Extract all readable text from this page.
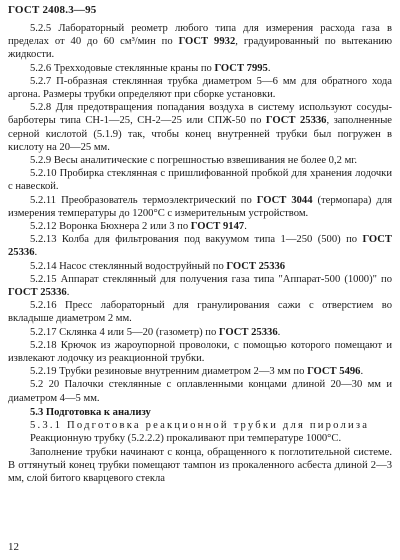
ГОСТ 2408.3—95

5.2.5 Лабораторный реометр любого типа для измерения расхода газа в пределах от 40 до 60 см³/мин по ГОСТ 9932, градуированный по вытеканию жидкости.

5.2.6 Трехходовые стеклянные краны по ГОСТ 7995.

5.2.7 П-образная стеклянная трубка диаметром 5—6 мм для обратного хода аргона. Размеры трубки определяют при сборке установки.

5.2.8 Для предотвращения попадания воздуха в систему используют сосуды-барботеры типа СН-1—25, СН-2—25 или СПЖ-50 по ГОСТ 25336, заполненные серной кислотой (5.1.9) так, чтобы конец внутренней трубки был погружен в кислоту на 20—25 мм.

5.2.9 Весы аналитические с погрешностью взвешивания не более 0,2 мг.

5.2.10 Пробирка стеклянная с пришлифованной пробкой для хранения лодочки с навеской.

5.2.11 Преобразователь термоэлектрический по ГОСТ 3044 (термопара) для измерения температуры до 1200°С с измерительным устройством.

5.2.12 Воронка Бюхнера 2 или 3 по ГОСТ 9147.

5.2.13 Колба для фильтрования под вакуумом типа 1—250 (500) по ГОСТ 25336.

5.2.14 Насос стеклянный водоструйный по ГОСТ 25336

5.2.15 Аппарат стеклянный для получения газа типа "Аппарат-500 (1000)" по ГОСТ 25336.

5.2.16 Пресс лабораторный для гранулирования сажи с отверстием во вкладыше диаметром 2 мм.

5.2.17 Склянка 4 или 5—20 (газометр) по ГОСТ 25336.

5.2.18 Крючок из жароупорной проволоки, с помощью которого помещают и извлекают лодочку из реакционной трубки.

5.2.19 Трубки резиновые внутренним диаметром 2—3 мм по ГОСТ 5496.

5.2 20 Палочки стеклянные с оплавленными концами длиной 20—30 мм и диаметром 4—5 мм.

5.3 Подготовка к анализу

5.3.1 Подготовка реакционной трубки для пиролиза

Реакционную трубку (5.2.2.2) прокаливают при температуре 1000°С.

Заполнение трубки начинают с конца, обращенного к поглотительной системе. В оттянутый конец трубки помещают тампон из прокаленного асбеста длиной 2—3 мм, слой битого кварцевого стекла

12
